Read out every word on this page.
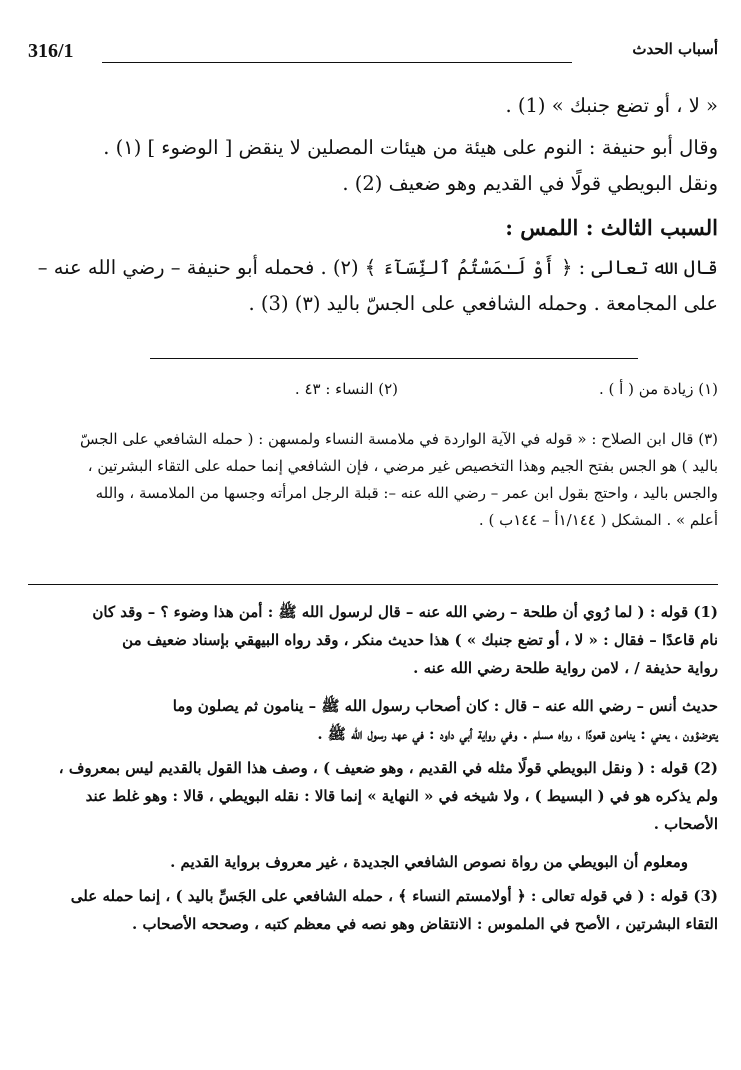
316/1	أسباب الحدث

« لا ، أو تضع جنبك » (1) .

وقال أبو حنيفة : النوم على هيئة من هيئات المصلين لا ينقض [ الوضوء ] (١) .

ونقل البويطي قولًا في القديم وهو ضعيف (2) .

السبب الثالث : اللمس :

قال الله تعالى : ﴿ أَوْ لَـٰمَسْتُمُ ٱلنِّسَآءَ ﴾ (٢) . فحمله أبو حنيفة – رضي الله عنه –

على المجامعة . وحمله الشافعي على الجسّ باليد (٣) (3) .

(١) زيادة من ( أ ) .
(٢) النساء : ٤٣ .

(٣) قال ابن الصلاح : « قوله في الآية الواردة في ملامسة النساء ولمسهن : ( حمله الشافعي على الجسّ

باليد ) هو الجس بفتح الجيم وهذا التخصيص غير مرضي ، فإن الشافعي إنما حمله على التقاء البشرتين ،

والجس باليد ، واحتج بقول ابن عمر – رضي الله عنه –: قبلة الرجل امرأته وجسها من الملامسة ، والله

أعلم » . المشكل ( ١/١٤٤أ – ١٤٤ب ) .

(1) قوله : ( لما رُوي أن طلحة – رضي الله عنه – قال لرسول الله ﷺ : أمن هذا وضوء ؟ – وقد كان

نام قاعدًا – فقال : « لا ، أو تضع جنبك » ) هذا حديث منكر ، وقد رواه البيهقي بإسناد ضعيف من

رواية حذيفة / ، لامن رواية طلحة رضي الله عنه .

حديث أنس – رضي الله عنه – قال : كان أصحاب رسول الله ﷺ – ينامون ثم يصلون وما

يتوضؤون ، يعني : ينامون قعودًا ، رواه مسلم . وفي رواية أبي داود : في عهد رسول الله ﷺ .

(2) قوله : ( ونقل البويطي قولًا مثله في القديم ، وهو ضعيف ) ، وصف هذا القول بالقديم ليس بمعروف ،

ولم يذكره هو في ( البسيط ) ، ولا شيخه في « النهاية » إنما قالا : نقله البويطي ، قالا : وهو غلط عند

الأصحاب .

ومعلوم أن البويطي من رواة نصوص الشافعي الجديدة ، غير معروف برواية القديم .

(3) قوله : ( في قوله تعالى : ﴿ أولامستم النساء ﴾ ، حمله الشافعي على الجَسِّ باليد ) ، إنما حمله على

التقاء البشرتين ، الأصح في الملموس : الانتقاض وهو نصه في معظم كتبه ، وصححه الأصحاب .
